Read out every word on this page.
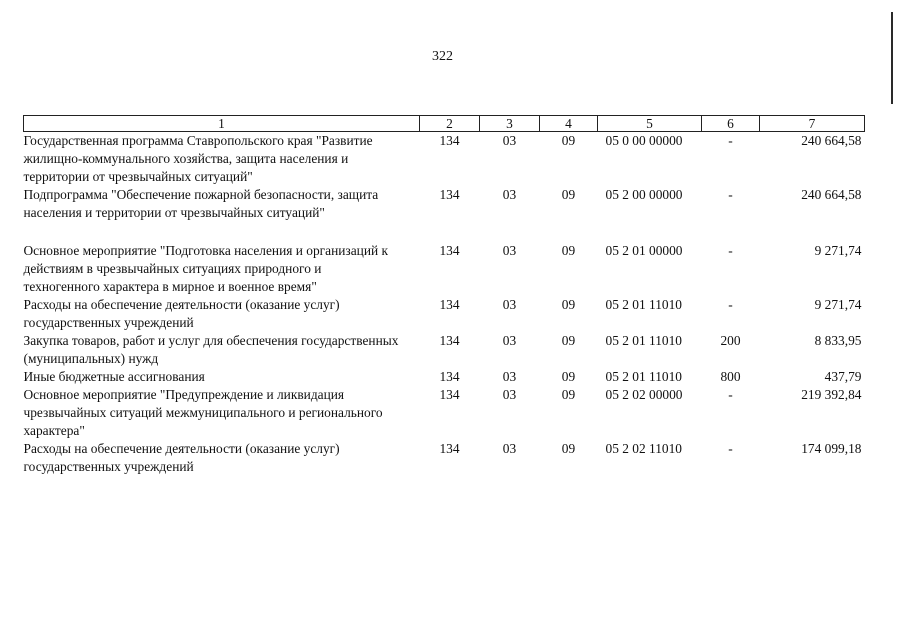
322
1	2	3	4	5	6	7
Государственная программа Ставропольского края "Развитие жилищно-коммунального хозяйства, защита населения и территории от чрезвычайных ситуаций"	134	03	09	05 0 00 00000	-	240 664,58
Подпрограмма "Обеспечение пожарной безопасности, защита населения и территории от чрезвычайных ситуаций"	134	03	09	05 2 00 00000	-	240 664,58

Основное мероприятие "Подготовка населения и организаций к действиям в чрезвычайных ситуациях природного и техногенного характера в мирное и военное время"	134	03	09	05 2 01 00000	-	9 271,74
Расходы на обеспечение деятельности (оказание услуг) государственных учреждений	134	03	09	05 2 01 11010	-	9 271,74
Закупка товаров, работ и услуг для обеспечения государственных (муниципальных) нужд	134	03	09	05 2 01 11010	200	8 833,95
Иные бюджетные ассигнования	134	03	09	05 2 01 11010	800	437,79
Основное мероприятие "Предупреждение и ликвидация чрезвычайных ситуаций межмуниципального и регионального характера"	134	03	09	05 2 02 00000	-	219 392,84
Расходы на обеспечение деятельности (оказание услуг) государственных учреждений	134	03	09	05 2 02 11010	-	174 099,18
